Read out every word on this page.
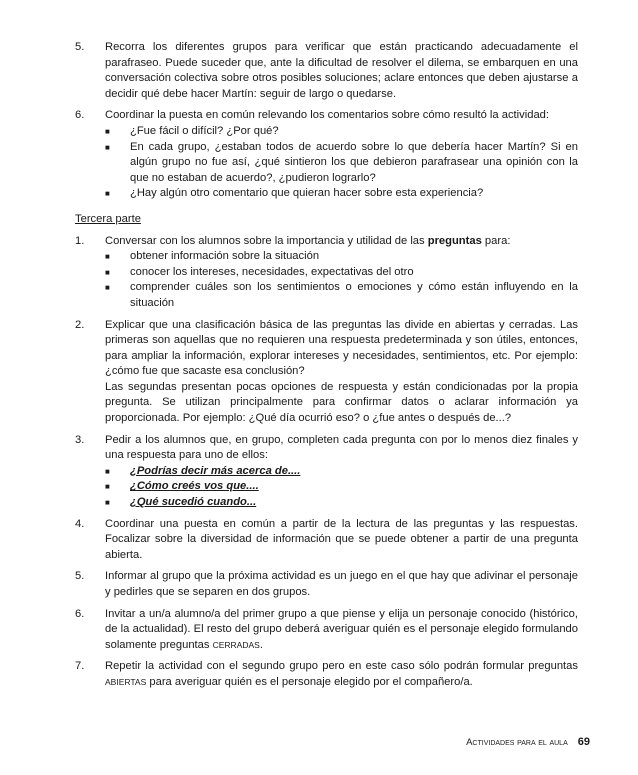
5.	Recorra los diferentes grupos para verificar que están practicando adecuadamente el parafraseo. Puede suceder que, ante la dificultad de resolver el dilema, se embarquen en una conversación colectiva sobre otros posibles soluciones; aclare entonces que deben ajustarse a decidir qué debe hacer Martín: seguir de largo o quedarse.
6.	Coordinar la puesta en común relevando los comentarios sobre cómo resultó la actividad:

■	¿Fue fácil o difícil? ¿Por qué?
■	En cada grupo, ¿estaban todos de acuerdo sobre lo que debería hacer Martín? Si en algún grupo no fue así, ¿qué sintieron los que debieron parafrasear una opinión con la que no estaban de acuerdo?, ¿pudieron lograrlo?
■	¿Hay algún otro comentario que quieran hacer sobre esta experiencia?
Tercera parte
1.	Conversar con los alumnos sobre la importancia y utilidad de las preguntas para:

■	obtener información sobre la situación
■	conocer los intereses, necesidades, expectativas del otro
■	comprender cuáles son los sentimientos o emociones y cómo están influyendo en la situación
2.	Explicar que una clasificación básica de las preguntas las divide en abiertas y cerradas. Las primeras son aquellas que no requieren una respuesta predeterminada y son útiles, entonces, para ampliar la información, explorar intereses y necesidades, sentimientos, etc. Por ejemplo: ¿cómo fue que sacaste esa conclusión?

Las segundas presentan pocas opciones de respuesta y están condicionadas por la propia pregunta. Se utilizan principalmente para confirmar datos o aclarar información ya proporcionada. Por ejemplo: ¿Qué día ocurrió eso? o ¿fue antes o después de...?

3.	Pedir a los alumnos que, en grupo, completen cada pregunta con por lo menos diez finales y una respuesta para uno de ellos:

■	¿Podrías decir más acerca de....
■	¿Cómo creés vos que....
■	¿Qué sucedió cuando...
4.	Coordinar una puesta en común a partir de la lectura de las preguntas y las respuestas. Focalizar sobre la diversidad de información que se puede obtener a partir de una pregunta abierta.
5.	Informar al grupo que la próxima actividad es un juego en el que hay que adivinar el personaje y pedirles que se separen en dos grupos.
6.	Invitar a un/a alumno/a del primer grupo a que piense y elija un personaje conocido (histórico, de la actualidad). El resto del grupo deberá averiguar quién es el personaje elegido formulando solamente preguntas CERRADAS.
7.	Repetir la actividad con el segundo grupo pero en este caso sólo podrán formular preguntas ABIERTAS para averiguar quién es el personaje elegido por el compañero/a.
Actividades para el aula 69
